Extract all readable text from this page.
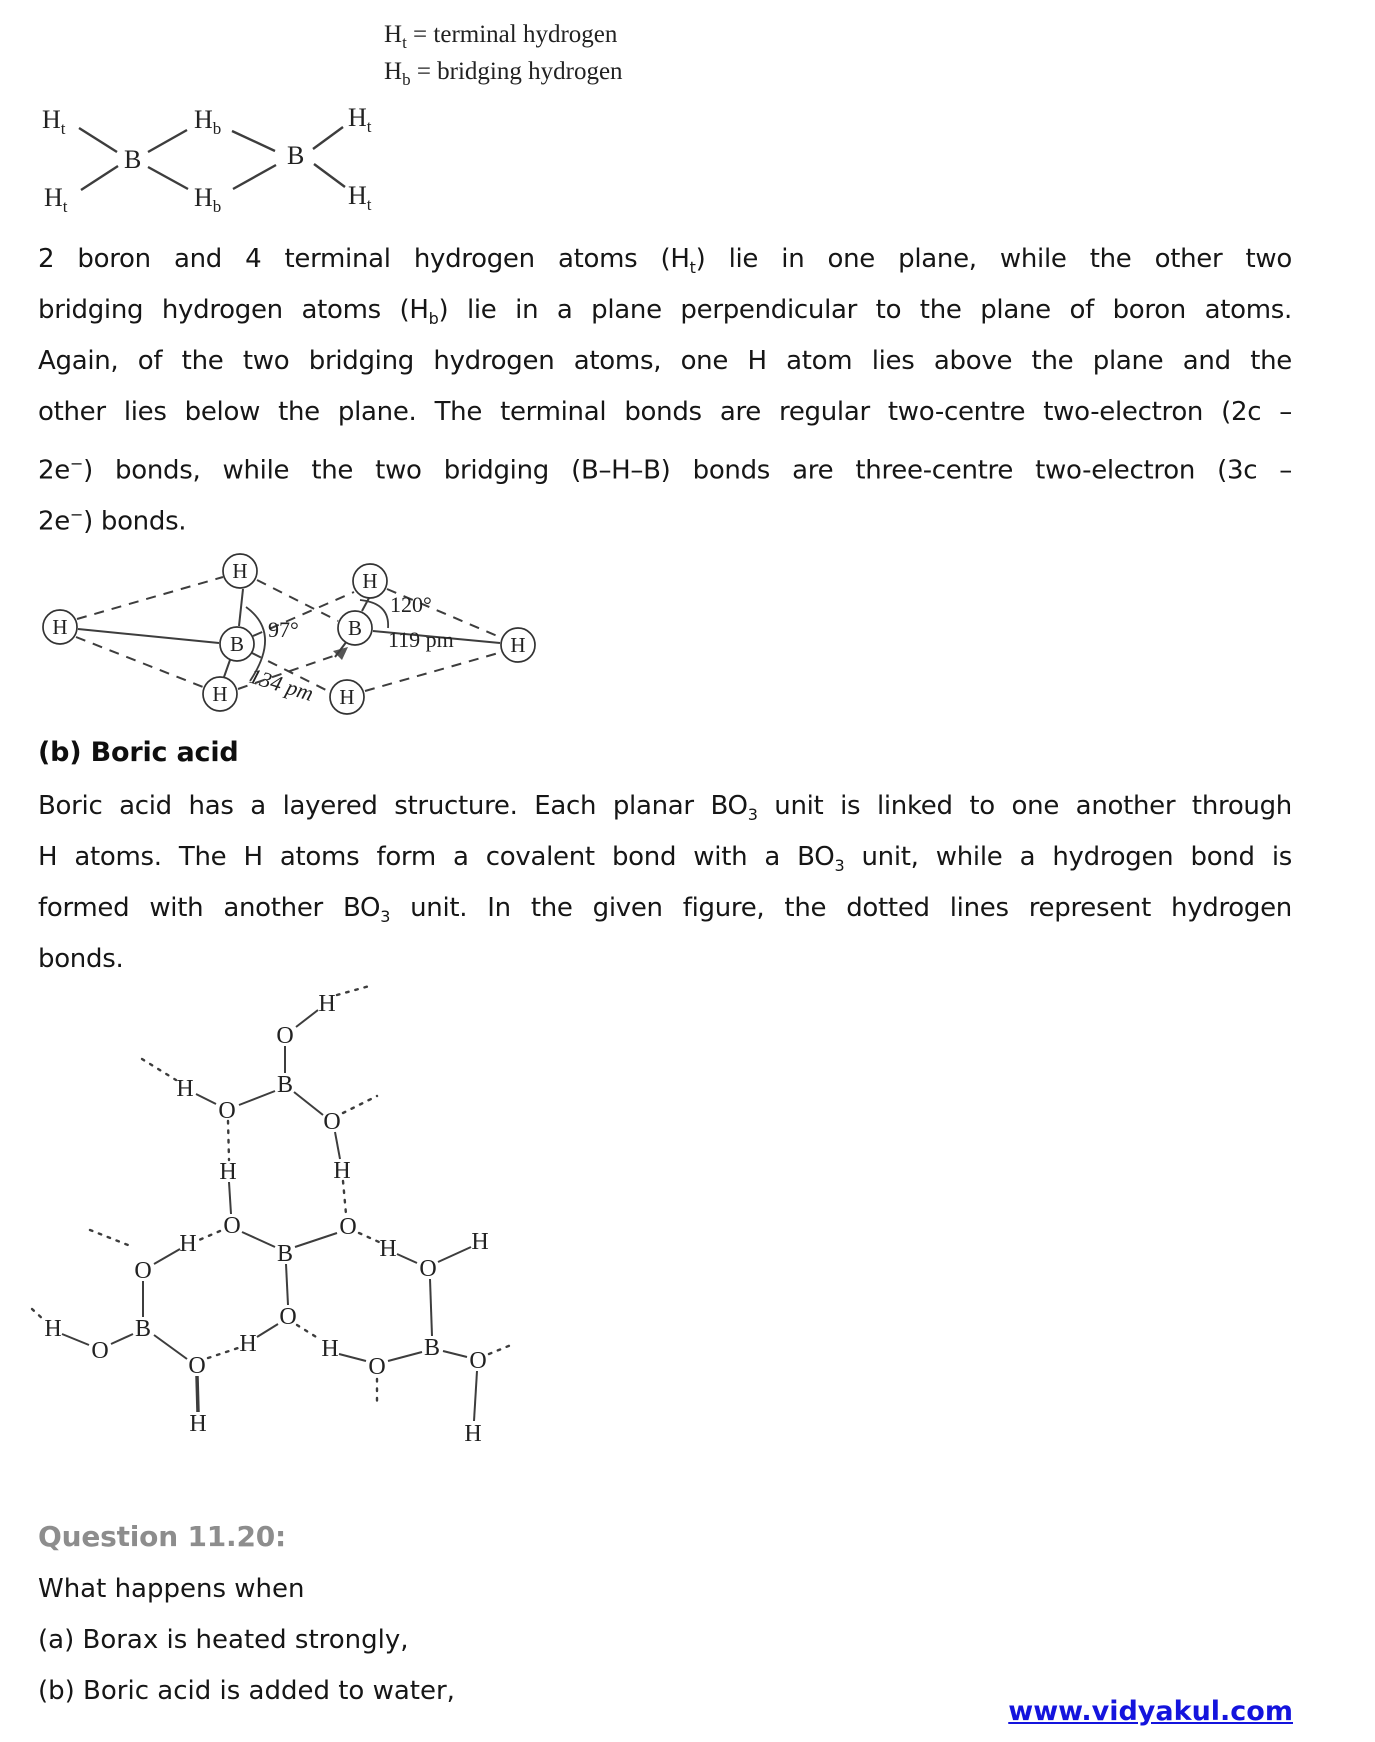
$H_t$ = terminal hydrogen
$H_b$ = bridging hydrogen
$H_t$
B
$H_t$
$H_b$
$H_b$
B
$H_t$
$H_t$
2 boron and 4 terminal hydrogen atoms $(H_t)$ lie in one plane, while the other two
bridging hydrogen atoms $(H_b)$ lie in a plane perpendicular to the plane of boron atoms.
Again, of the two bridging hydrogen atoms, one H atom lies above the plane and the
other lies below the plane. The terminal bonds are regular two-centre two-electron (2c –
2e−) bonds, while the two bridging (B–H–B) bonds are three-centre two-electron (3c –
2e−) bonds.
H
H	H
H
H	H
B
B
97°
120°
119 pm
134 pm
(b) Boric acid
Boric acid has a layered structure. Each planar $BO_3$ unit is linked to one another through
H atoms. The H atoms form a covalent bond with a $BO_3$ unit, while a hydrogen bond is
formed with another $BO_3$ unit. In the given figure, the dotted lines represent hydrogen
bonds.
H
O
B
H
O	O
H	H
O	O
B
H	H
O
H
O
O
B
H
O
O
H
H	H
O
B O
H
Question 11.20:
What happens when
(a) Borax is heated strongly,
(b) Boric acid is added to water,
www.vidyakul.com
